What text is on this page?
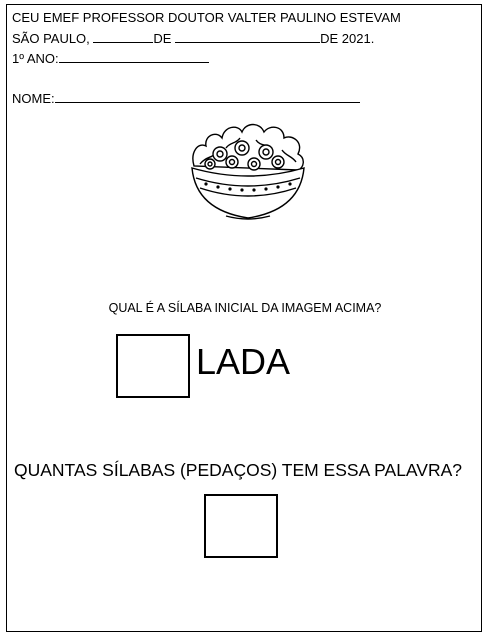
CEU EMEF PROFESSOR DOUTOR VALTER PAULINO ESTEVAM
SÃO PAULO,	DE	DE 2021.
1º ANO:
NOME:
QUAL É A SÍLABA INICIAL DA IMAGEM ACIMA?
LADA
QUANTAS SÍLABAS (PEDAÇOS) TEM ESSA PALAVRA?
